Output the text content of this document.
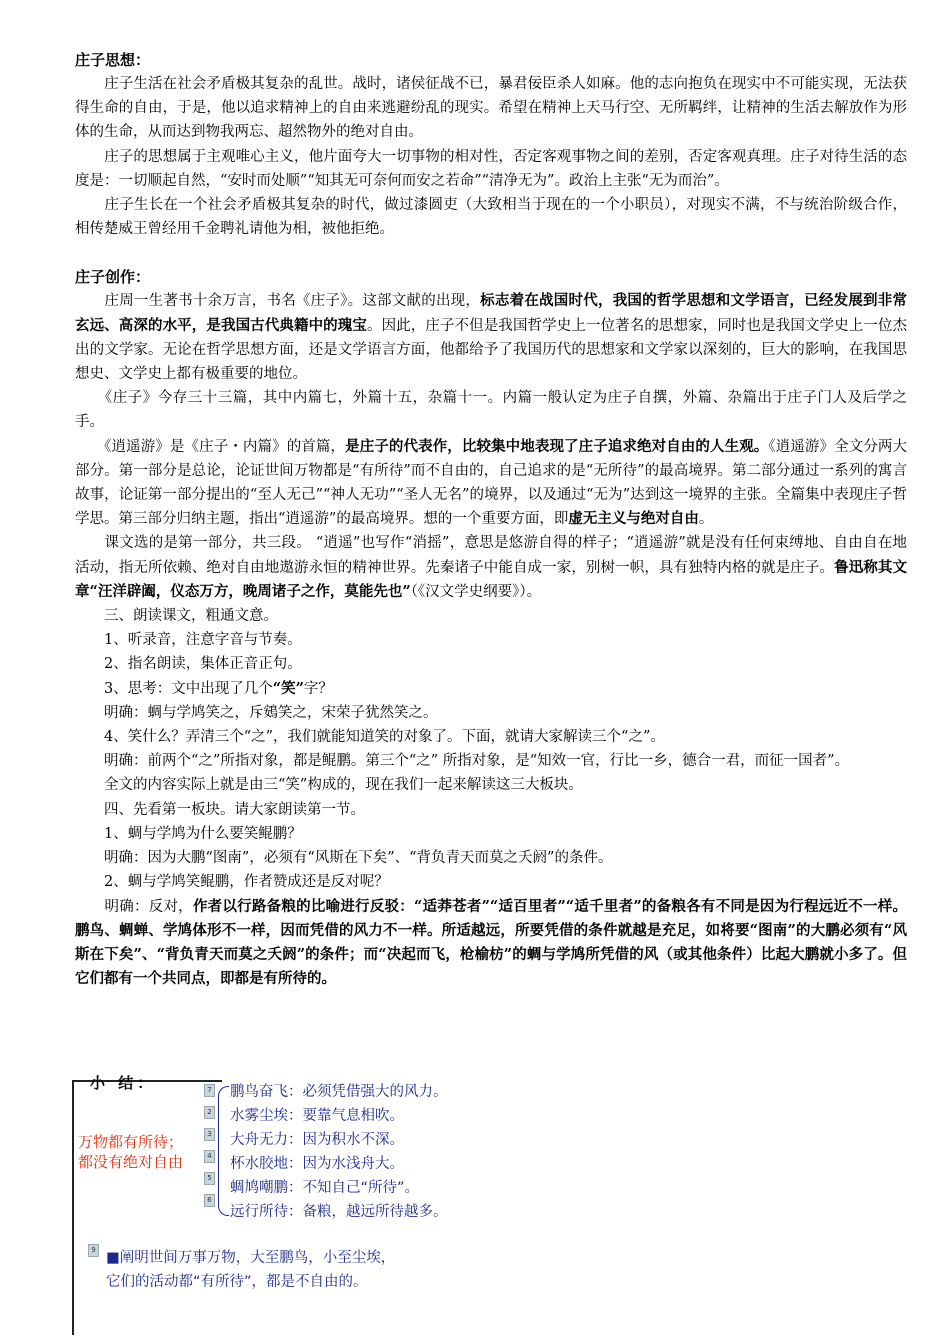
庄子思想：

　　庄子生活在社会矛盾极其复杂的乱世。战时，诸侯征战不已，暴君佞臣杀人如麻。他的志向抱负在现实中不可能实现，无法获得生命的自由，于是，他以追求精神上的自由来逃避纷乱的现实。希望在精神上天马行空、无所羁绊，让精神的生活去解放作为形体的生命，从而达到物我两忘、超然物外的绝对自由。

　　庄子的思想属于主观唯心主义，他片面夸大一切事物的相对性，否定客观事物之间的差别，否定客观真理。庄子对待生活的态度是：一切顺起自然，“安时而处顺”“知其无可奈何而安之若命”“清净无为”。政治上主张“无为而治”。

　　庄子生长在一个社会矛盾极其复杂的时代，做过漆圆吏（大致相当于现在的一个小职员），对现实不满，不与统治阶级合作，相传楚威王曾经用千金聘礼请他为相，被他拒绝。

庄子创作：

　　庄周一生著书十余万言，书名《庄子》。这部文献的出现，标志着在战国时代，我国的哲学思想和文学语言，已经发展到非常玄远、高深的水平，是我国古代典籍中的瑰宝。因此，庄子不但是我国哲学史上一位著名的思想家，同时也是我国文学史上一位杰出的文学家。无论在哲学思想方面，还是文学语言方面，他都给予了我国历代的思想家和文学家以深刻的，巨大的影响，在我国思想史、文学史上都有极重要的地位。

　　《庄子》今存三十三篇，其中内篇七，外篇十五，杂篇十一。内篇一般认定为庄子自撰，外篇、杂篇出于庄子门人及后学之手。

　　《逍遥游》是《庄子・内篇》的首篇，是庄子的代表作，比较集中地表现了庄子追求绝对自由的人生观。《逍遥游》全文分两大部分。第一部分是总论，论证世间万物都是“有所待”而不自由的，自己追求的是“无所待”的最高境界。第二部分通过一系列的寓言故事，论证第一部分提出的“至人无己”“神人无功”“圣人无名”的境界，以及通过“无为”达到这一境界的主张。全篇集中表现庄子哲学思。第三部分归纳主题，指出“逍遥游”的最高境界。想的一个重要方面，即虚无主义与绝对自由。

　　课文选的是第一部分，共三段。 “逍遥”也写作“消摇”，意思是悠游自得的样子；“逍遥游”就是没有任何束缚地、自由自在地活动，指无所依赖、绝对自由地遨游永恒的精神世界。先秦诸子中能自成一家，别树一帜，具有独特内格的就是庄子。鲁迅称其文章“汪洋辟阖，仪态万方，晚周诸子之作，莫能先也”（《汉文学史纲要》）。

　　三、朗读课文，粗通文意。

　　1、听录音，注意字音与节奏。

　　2、指名朗读，集体正音正句。

　　3、思考：文中出现了几个“笑”字？

　　明确：蜩与学鸠笑之，斥鴳笑之，宋荣子犹然笑之。

　　4、笑什么？弄清三个“之”，我们就能知道笑的对象了。下面，就请大家解读三个“之”。

　　明确：前两个“之”所指对象，都是鲲鹏。第三个“之” 所指对象，是“知效一官，行比一乡，德合一君，而征一国者”。

　　全文的内容实际上就是由三“笑”构成的，现在我们一起来解读这三大板块。

　　四、先看第一板块。请大家朗读第一节。

　　1、蜩与学鸠为什么要笑鲲鹏？

　　明确：因为大鹏“图南”，必须有“风斯在下矣”、“背负青天而莫之夭阏”的条件。

　　2、蜩与学鸠笑鲲鹏，作者赞成还是反对呢？

　　明确：反对，作者以行路备粮的比喻进行反驳：“适莽苍者”“适百里者”“适千里者”的备粮各有不同是因为行程远近不一样。鹏鸟、蜩蝉、学鸠体形不一样，因而凭借的风力不一样。所适越远，所要凭借的条件就越是充足，如将要“图南”的大鹏必须有“风斯在下矣”、“背负青天而莫之夭阏”的条件；而“决起而飞，枪榆枋”的蜩与学鸠所凭借的风（或其他条件）比起大鹏就小多了。但它们都有一个共同点，即都是有所待的。

小 结：
万物都有所待；
都没有绝对自由
7 鹏鸟奋飞：必须凭借强大的风力。
2 水雾尘埃：要靠气息相吹。
3 大舟无力：因为积水不深。
4 杯水胶地：因为水浅舟大。
5
蜩鸠嘲鹏：不知自己“所待”。
6
远行所待：备粮，越远所待越多。
9 ■阐明世间万事万物，大至鹏鸟，小至尘埃，
它们的活动都“有所待”，都是不自由的。
